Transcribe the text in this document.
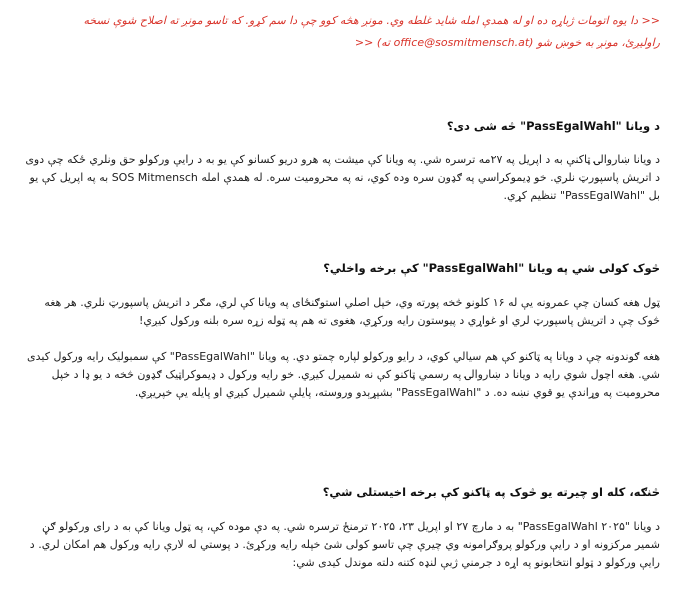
<< دا یوه اتومات ژباړه ده او له همدې امله شاید غلطه وي. مونږ هڅه کوو چې دا سم کړو. که تاسو مونږ ته اصلاح شوې نسخه
راولیږئ، مونږ به خوښ شو (office@sosmitmensch.at ته) <<
د ویانا "PassEgalWahl" څه شی دی؟

د ویانا ښاروالۍ ټاکنې به د اپریل په ۲۷مه ترسره شي. په ویانا کې میشت په هرو دریو کسانو کې یو به د رایې ورکولو حق ونلري ځکه چې دوی د اتریش پاسپورټ نلري. خو ډیموکراسي په ګډون سره وده کوي، نه په محرومیت سره. له همدې امله SOS Mitmensch به په اپریل کې یو بل "PassEgalWahl" تنظیم کړي.

څوک کولی شي په ویانا "PassEgalWahl" کې برخه واخلي؟

ټول هغه کسان چې عمرونه یې له ۱۶ کلونو څخه پورته وي، خپل اصلي استوګنځای په ویانا کې لري، مګر د اتریش پاسپورټ نلري. هر هغه څوک چې د اتریش پاسپورټ لري او غواړي د پیوستون رایه ورکړي، هغوی ته هم په ټوله زړه سره بلنه ورکول کیږي!

هغه ګوندونه چې د ویانا په ټاکنو کې هم سیالي کوي، د رایو ورکولو لپاره چمتو دي. په ویانا "PassEgalWahl" کې سمبولیک رایه ورکول کیدی شي. هغه اچول شوي رایه د ویانا د ښاروالۍ په رسمي ټاکنو کې نه شمیرل کیږي. خو رایه ورکول د ډیموکراټیک ګډون څخه د یو ډا د خپل محرومیت په وړاندې یو قوي نښه ده. د "PassEgalWahl" بشپړېدو وروسته، پایلې شمیرل کیږي او پایله یې خپریږي.

څنګه، کله او چیرته یو څوک په ټاکنو کې برخه اخیستلی شي؟

د ویانا "۲۰۲۵ PassEgalWahl" به د مارچ ۲۷ او اپریل ۲۳، ۲۰۲۵ ترمنځ ترسره شي. په دې موده کې، په ټول ویانا کې به د رای ورکولو ګڼ شمیر مرکزونه او د رایې ورکولو پروګرامونه وي چیرې چې تاسو کولی شئ خپله رایه ورکړئ. د پوستي له لارې رایه ورکول هم امکان لري. د رایې ورکولو د ټولو انتخابونو په اړه د جرمني ژبې لنډه کتنه دلته موندل کیدی شي:
